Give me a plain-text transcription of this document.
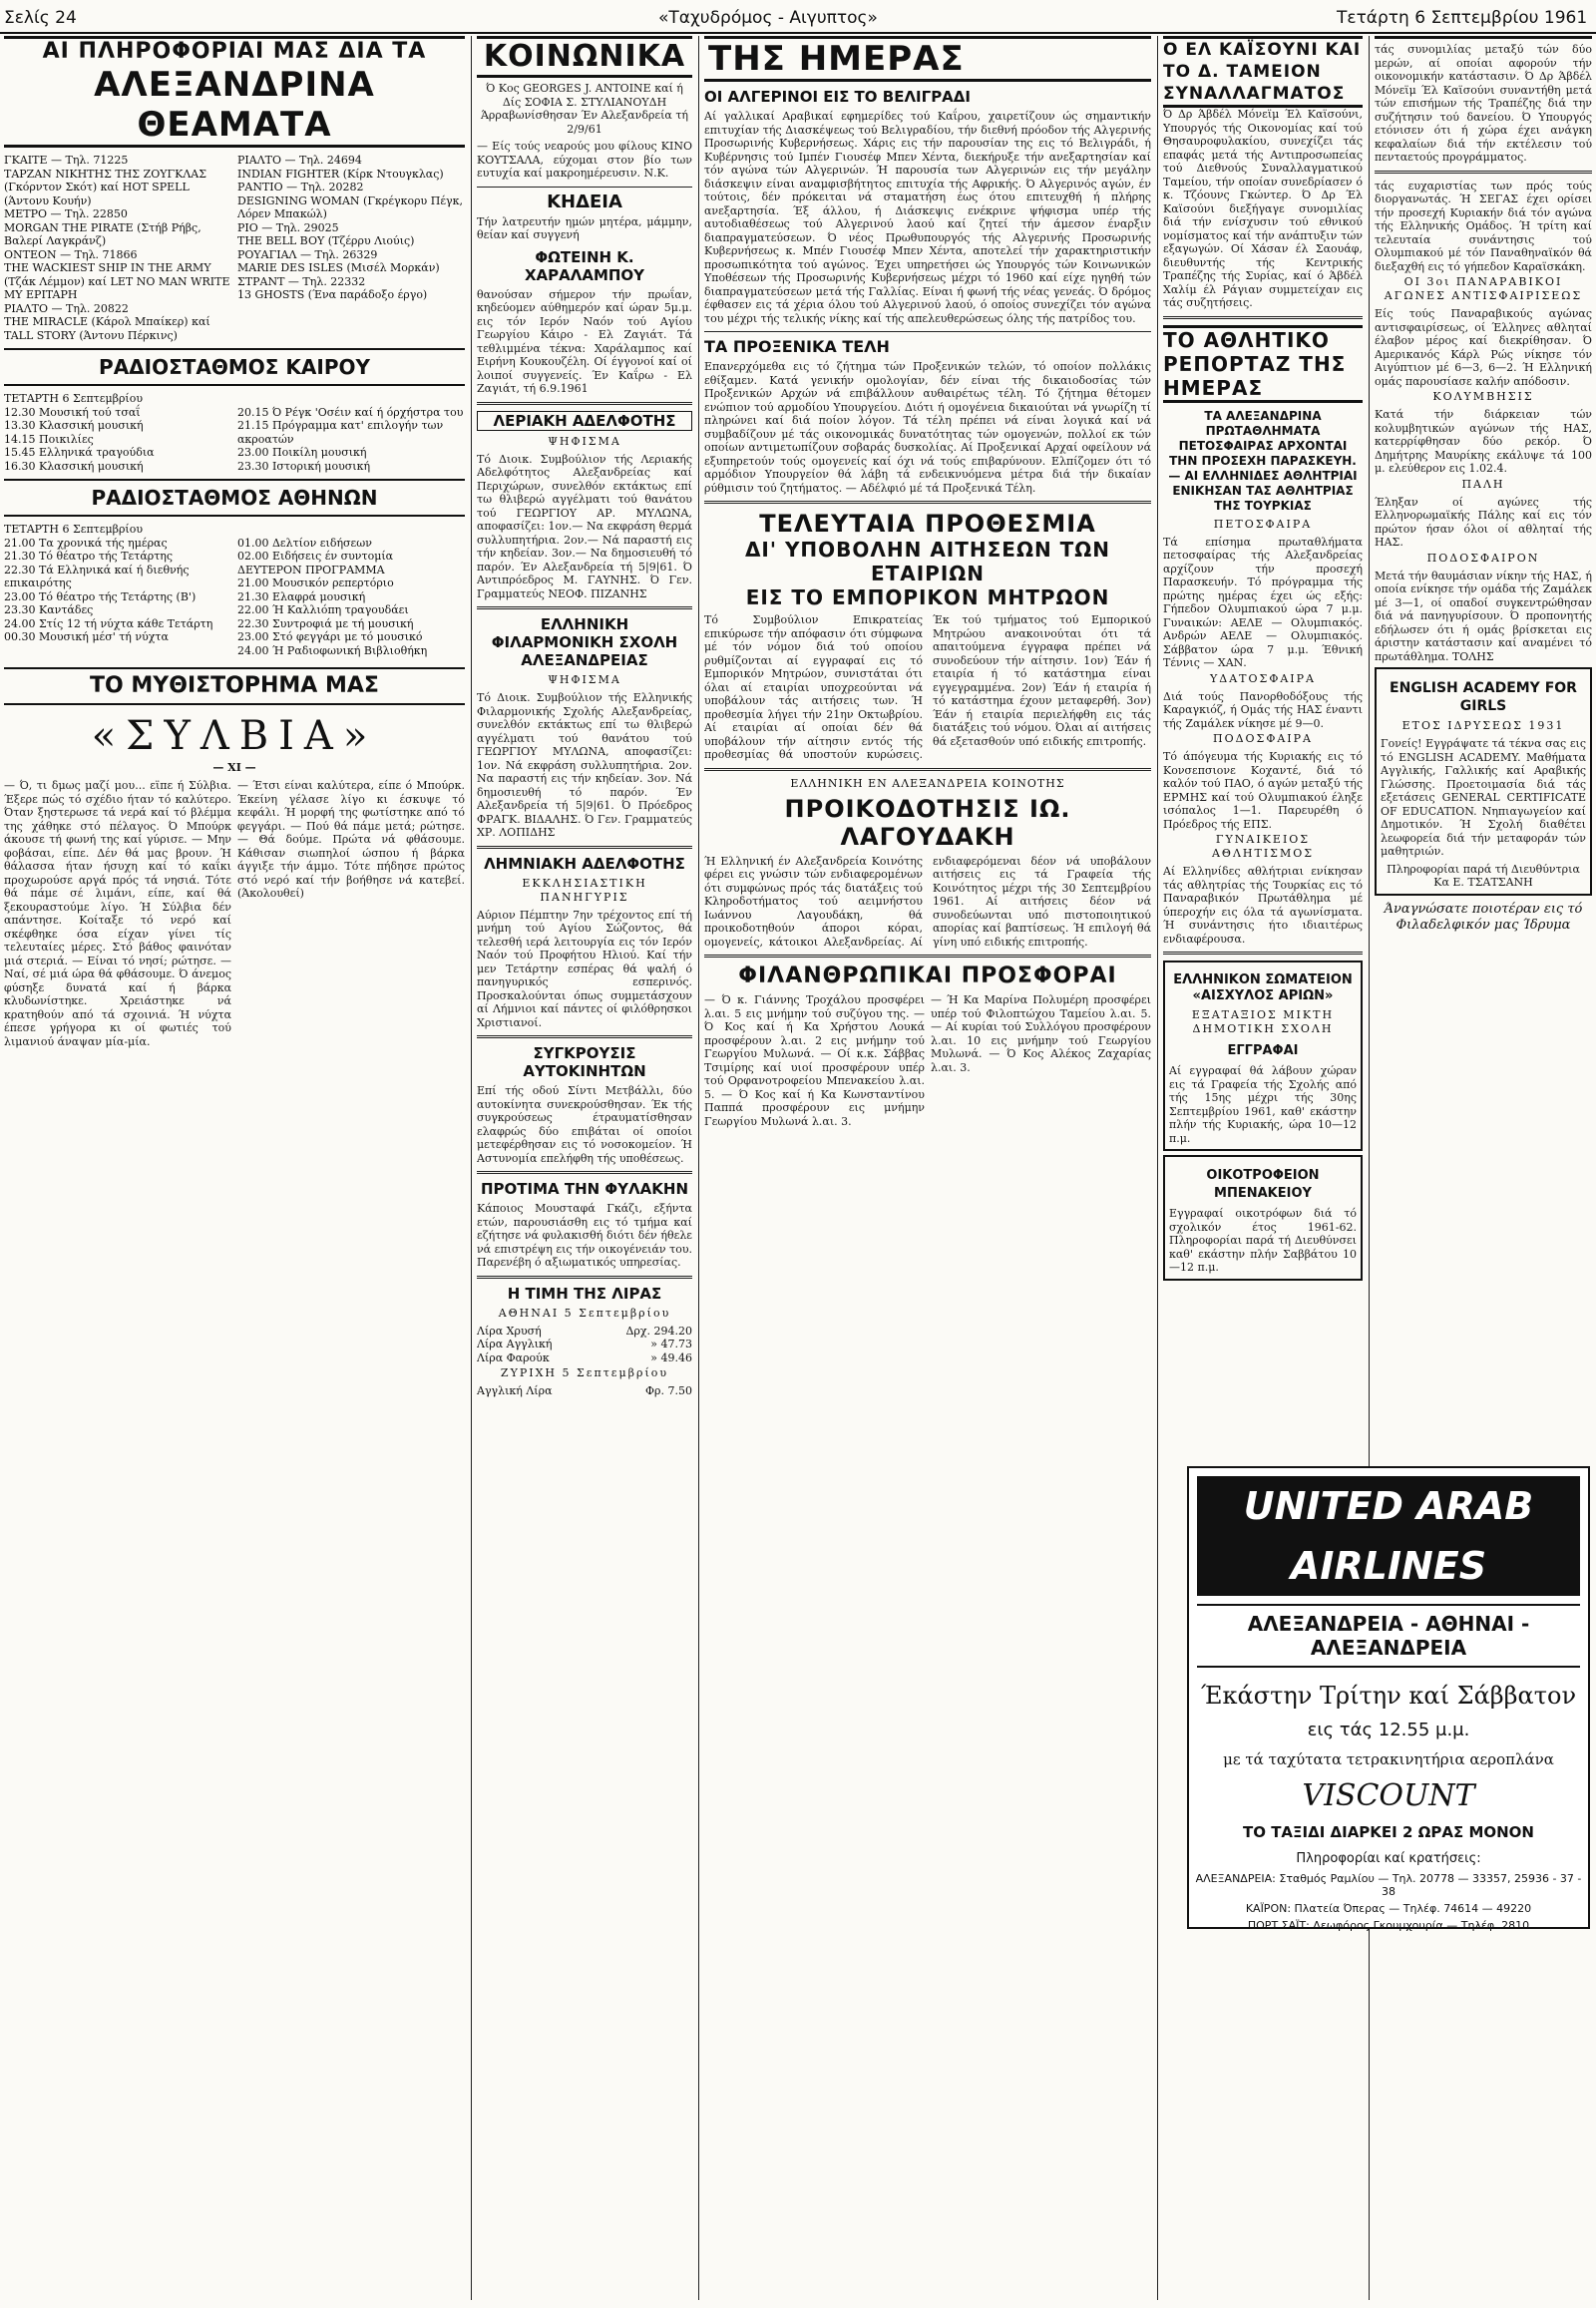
Σελίς 24	«Ταχυδρόμος - Αιγυπτος»	Τετάρτη 6 Σεπτεμβρίου 1961
ΑΙ ΠΛΗΡΟΦΟΡΙΑΙ ΜΑΣ ΔΙΑ ΤΑ
ΑΛΕΞΑΝΔΡΙΝΑ ΘΕΑΜΑΤΑ
ΓΚΑΙΤΕ — Τηλ. 71225
ΤΑΡΖΑΝ ΝΙΚΗΤΗΣ ΤΗΣ ΖΟΥΓΚΛΑΣ (Γκόρντον Σκότ) καί HOT SPELL (Άντονυ Κουήν)
ΜΕΤΡΟ — Τηλ. 22850
MORGAN THE PIRATE (Στήβ Ρήβς, Βαλερί Λαγκράνζ)
ΟΝΤΕΟΝ — Τηλ. 71866
THE WACKIEST SHIP IN THE ARMY (Τζάκ Λέμμον) καί LET NO MAN WRITE MY EPITAPH
ΡΙΑΛΤΟ — Τηλ. 20822
THE MIRACLE (Κάρολ Μπαίκερ) καί TALL STORY (Άντονυ Πέρκινς)
ΡΙΑΛΤΟ — Τηλ. 24694
INDIAN FIGHTER (Κίρκ Ντουγκλας)
ΡΑΝΤΙΟ — Τηλ. 20282
DESIGNING WOMAN (Γκρέγκορυ Πέγκ, Λόρεν Μπακώλ)
ΡΙΟ — Τηλ. 29025
THE BELL BOY (Τζέρρυ Λιούις)
ΡΟΥΑΓΙΑΛ — Τηλ. 26329
MARIE DES ISLES (Μισέλ Μορκάν)
ΣΤΡΑΝΤ — Τηλ. 22332
13 GHOSTS (Ένα παράδοξο έργο)
ΡΑΔΙΟΣΤΑΘΜΟΣ ΚΑΙΡΟΥ
ΤΕΤΑΡΤΗ 6 Σεπτεμβρίου
12.30 Μουσική τού τσαΐ
13.30 Κλασσική μουσική
14.15 Ποικιλίες
15.45 Ελληνικά τραγούδια
16.30 Κλασσική μουσική
20.15 Ό Ρέγκ 'Οσέιν καί ή όρχήστρα του
21.15 Πρόγραμμα κατ' επιλογήν των ακροατών
23.00 Ποικίλη μουσική
23.30 Ιστορική μουσική
ΡΑΔΙΟΣΤΑΘΜΟΣ ΑΘΗΝΩΝ
ΤΕΤΑΡΤΗ 6 Σεπτεμβρίου
21.00 Τα χρονικά τής ημέρας
21.30 Τό θέατρο τής Τετάρτης
22.30 Τά Ελληνικά καί ή διεθνής επικαιρότης
23.00 Τό θέατρο τής Τετάρτης (Β')
23.30 Καντάδες
24.00 Στίς 12 τή νύχτα κάθε Τετάρτη
00.30 Μουσική μέσ' τή νύχτα
01.00 Δελτίον ειδήσεων
02.00 Ειδήσεις έν συντομία
ΔΕΥΤΕΡΟΝ ΠΡΟΓΡΑΜΜΑ
21.00 Μουσικόν ρεπερτόριο
21.30 Ελαφρά μουσική
22.00 Ή Καλλιόπη τραγουδάει
22.30 Συντροφιά με τή μουσική
23.00 Στό φεγγάρι με τό μουσικό
24.00 Ή Ραδιοφωνική Βιβλιοθήκη
ΤΟ ΜΥΘΙΣΤΟΡΗΜΑ ΜΑΣ
«ΣΥΛΒΙΑ»
— ΧΙ —
— Ό, τι δμως μαζί μου... εϊπε ή Σύλβια. Έξερε πώς τό σχέδιο ήταν τό καλύτερο. Όταν ξηστερωσε τά νερά καί τό βλέμμα της χάθηκε στό πέλαγος. Ό Μπούρκ άκουσε τή φωνή της καί γύρισε. — Μην φοβάσαι, είπε. Δέν θά μας βρουν. Ή θάλασσα ήταν ήσυχη καί τό καΐκι προχωρούσε αργά πρός τά νησιά. Τότε θά πάμε σέ λιμάνι, είπε, καί θά ξεκουραστούμε λίγο. Ή Σύλβια δέν απάντησε. Κοίταξε τό νερό καί σκέφθηκε όσα είχαν γίνει τίς τελευταίες μέρες. Στό βάθος φαινόταν μιά στεριά. — Είναι τό νησί; ρώτησε. — Ναί, σέ μιά ώρα θά φθάσουμε. Ό άνεμος φύσηξε δυνατά καί ή βάρκα κλυδωνίστηκε. Χρειάστηκε νά κρατηθούν από τά σχοινιά. Ή νύχτα έπεσε γρήγορα κι οί φωτιές τού λιμανιού άναψαν μία-μία.
— Έτσι είναι καλύτερα, είπε ό Μπούρκ. Έκείνη γέλασε λίγο κι έσκυψε τό κεφάλι. Ή μορφή της φωτίστηκε από τό φεγγάρι. — Πού θά πάμε μετά; ρώτησε. — Θά δούμε. Πρώτα νά φθάσουμε. Κάθισαν σιωπηλοί ώσπου ή βάρκα άγγιξε τήν άμμο. Τότε πήδησε πρώτος στό νερό καί τήν βοήθησε νά κατεβεί. (Άκολουθεί)
ΚΟΙΝΩΝΙΚΑ
Ό Κος GEORGES J. ANTOINE καί ή Δίς ΣΟΦΙΑ Σ. ΣΤΥΛΙΑΝΟΥΔΗ Άρραβωνίσθησαν Έν Αλεξανδρεία τή 2/9/61
— Είς τούς νεαρούς μου φίλους ΚΙΝΟ ΚΟΥΤΣΑΛΑ, εύχομαι στον βίο των ευτυχία καί μακροημέρευσιν. Ν.Κ.
ΚΗΔΕΙΑ
Τήν λατρευτήν ημών μητέρα, μάμμην, θείαν καί συγγενή
ΦΩΤΕΙΝΗ Κ. ΧΑΡΑΛΑΜΠΟΥ
θανούσαν σήμερον τήν πρωΐαν, κηδεύομεν αύθημερόν καί ώραν 5μ.μ. εις τόν Ιερόν Ναόν τού Αγίου Γεωργίου Κάιρο - Ελ Ζαγιάτ. Τά τεθλιμμένα τέκνα: Χαράλαμπος καί Ειρήνη Κουκουζέλη. Οί έγγονοί καί οί λοιποί συγγενείς. Έν Καΐρω - Ελ Ζαγιάτ, τή 6.9.1961
ΛΕΡΙΑΚΗ ΑΔΕΛΦΟΤΗΣ
ΨΗΦΙΣΜΑ
Τό Διοικ. Συμβούλιον τής Λεριακής Αδελφότητος Αλεξανδρείας καί Περιχώρων, συνελθόν εκτάκτως επί τω θλιβερώ αγγέλματι τού θανάτου τού ΓΕΩΡΓΙΟΥ ΑΡ. ΜΥΛΩΝΑ, αποφασίζει: 1ον.— Να εκφράση θερμά συλλυπητήρια. 2ον.— Νά παραστή εις τήν κηδείαν. 3ον.— Να δημοσιευθή τό παρόν. Έν Αλεξανδρεία τή 5|9|61. Ό Αντιπρόεδρος Μ. ΓΑΥΝΗΣ. Ό Γεν. Γραμματεύς ΝΕΟΦ. ΠΙΖΑΝΗΣ
ΕΛΛΗΝΙΚΗ ΦΙΛΑΡΜΟΝΙΚΗ ΣΧΟΛΗ ΑΛΕΞΑΝΔΡΕΙΑΣ
ΨΗΦΙΣΜΑ
Τό Διοικ. Συμβούλιον τής Ελληνικής Φιλαρμονικής Σχολής Αλεξανδρείας, συνελθόν εκτάκτως επί τω θλιβερώ αγγέλματι τού θανάτου τού ΓΕΩΡΓΙΟΥ ΜΥΛΩΝΑ, αποφασίζει: 1ον. Νά εκφράση συλλυπητήρια. 2ον. Να παραστή εις τήν κηδείαν. 3ον. Νά δημοσιευθή τό παρόν. Έν Αλεξανδρεία τή 5|9|61. Ό Πρόεδρος ΦΡΑΓΚ. ΒΙΔΑΛΗΣ. Ό Γεν. Γραμματεύς ΧΡ. ΛΟΠΙΔΗΣ
ΛΗΜΝΙΑΚΗ ΑΔΕΛΦΟΤΗΣ
ΕΚΚΛΗΣΙΑΣΤΙΚΗ ΠΑΝΗΓΥΡΙΣ
Αύριον Πέμπτην 7ην τρέχοντος επί τή μνήμη τού Αγίου Σώζοντος, θά τελεσθή ιερά λειτουργία εις τόν Ιερόν Ναόν τού Προφήτου Ηλιού. Καί τήν μεν Τετάρτην εσπέρας θά ψαλή ό πανηγυρικός εσπερινός. Προσκαλούνται όπως συμμετάσχουν αί Λήμνιοι καί πάντες οί φιλόθρησκοι Χριστιανοί.
ΣΥΓΚΡΟΥΣΙΣ ΑΥΤΟΚΙΝΗΤΩΝ
Επί τής οδού Σίντι Μετβάλλι, δύο αυτοκίνητα συνεκρούσθησαν. Έκ τής συγκρούσεως έτραυματίσθησαν ελαφρώς δύο επιβάται οί οποίοι μετεφέρθησαν εις τό νοσοκομείον. Ή Αστυνομία επελήφθη τής υποθέσεως.
ΠΡΟΤΙΜΑ ΤΗΝ ΦΥΛΑΚΗΝ
Κάποιος Μουσταφά Γκάζι, εξήντα ετών, παρουσιάσθη εις τό τμήμα καί εζήτησε νά φυλακισθή διότι δέν ήθελε νά επιστρέψη εις τήν οικογένειάν του. Παρενέβη ό αξιωματικός υπηρεσίας.
Η ΤΙΜΗ ΤΗΣ ΛΙΡΑΣ
ΑΘΗΝΑΙ 5 Σεπτεμβρίου
Λίρα Χρυσή	Δρχ. 294.20
Λίρα Αγγλική	» 47.73
Λίρα Φαρούκ	» 49.46
ΖΥΡΙΧΗ 5 Σεπτεμβρίου
Αγγλική Λίρα	Φρ. 7.50
ΤΗΣ ΗΜΕΡΑΣ
ΟΙ ΑΛΓΕΡΙΝΟΙ ΕΙΣ ΤΟ ΒΕΛΙΓΡΑΔΙ
Αί γαλλικαί Αραβικαί εφημερίδες τού Καΐρου, χαιρετίζουν ώς σημαντικήν επιτυχίαν τής Διασκέψεως τού Βελιγραδίου, τήν διεθνή πρόοδον τής Αλγερινής Προσωρινής Κυβερνήσεως. Χάρις εις τήν παρουσίαν της εις τό Βελιγράδι, ή Κυβέρνησις τού Ιμπέν Γιουσέφ Μπεν Χέντα, διεκήρυξε τήν ανεξαρτησίαν καί τόν αγώνα τών Αλγερινών. Ή παρουσία των Αλγερινών εις τήν μεγάλην διάσκεψιν είναι αναμφισβήτητος επιτυχία τής Αφρικής. Ό Αλγερινός αγών, έν τούτοις, δέν πρόκειται νά σταματήση έως ότου επιτευχθή ή πλήρης ανεξαρτησία. Έξ άλλου, ή Διάσκεψις ενέκρινε ψήφισμα υπέρ τής αυτοδιαθέσεως τού Αλγερινού λαού καί ζητεί τήν άμεσον έναρξιν διαπραγματεύσεων. Ό νέος Πρωθυπουργός τής Αλγερινής Προσωρινής Κυβερνήσεως κ. Μπέν Γιουσέφ Μπεν Χέντα, αποτελεί τήν χαρακτηριστικήν προσωπικότητα τού αγώνος. Έχει υπηρετήσει ώς Υπουργός τών Κοινωνικών Υποθέσεων τής Προσωρινής Κυβερνήσεως μέχρι τό 1960 καί είχε ηγηθή τών διαπραγματεύσεων μετά τής Γαλλίας. Είναι ή φωνή τής νέας γενεάς. Ό δρόμος έφθασεν εις τά χέρια όλου τού Αλγερινού λαού, ό οποίος συνεχίζει τόν αγώνα του μέχρι τής τελικής νίκης καί τής απελευθερώσεως όλης τής πατρίδος του.
ΤΑ ΠΡΟΞΕΝΙΚΑ ΤΕΛΗ
Επανερχόμεθα εις τό ζήτημα τών Προξενικών τελών, τό οποίον πολλάκις εθίξαμεν. Κατά γενικήν ομολογίαν, δέν είναι τής δικαιοδοσίας τών Προξενικών Αρχών νά επιβάλλουν αυθαιρέτως τέλη. Τό ζήτημα θέτομεν ενώπιον τού αρμοδίου Υπουργείου. Διότι ή ομογένεια δικαιούται νά γνωρίζη τί πληρώνει καί διά ποίον λόγον. Τά τέλη πρέπει νά είναι λογικά καί νά συμβαδίζουν μέ τάς οικονομικάς δυνατότητας τών ομογενών, πολλοί εκ τών οποίων αντιμετωπίζουν σοβαράς δυσκολίας. Αί Προξενικαί Αρχαί οφείλουν νά εξυπηρετούν τούς ομογενείς καί όχι νά τούς επιβαρύνουν. Ελπίζομεν ότι τό αρμόδιον Υπουργείον θά λάβη τά ενδεικνυόμενα μέτρα διά τήν δικαίαν ρύθμισιν τού ζητήματος. — Αδέλφιό μέ τά Προξενικά Τέλη.
ΤΕΛΕΥΤΑΙΑ ΠΡΟΘΕΣΜΙΑ
ΔΙ' ΥΠΟΒΟΛΗΝ ΑΙΤΗΣΕΩΝ ΤΩΝ ΕΤΑΙΡΙΩΝ
ΕΙΣ ΤΟ ΕΜΠΟΡΙΚΟΝ ΜΗΤΡΩΟΝ
Τό Συμβούλιον Επικρατείας επικύρωσε τήν απόφασιν ότι σύμφωνα μέ τόν νόμον διά τού οποίου ρυθμίζονται αί εγγραφαί εις τό Εμπορικόν Μητρώον, συνιστάται ότι όλαι αί εταιρίαι υποχρεούνται νά υποβάλουν τάς αιτήσεις των. Ή προθεσμία λήγει τήν 21ην Οκτωβρίου. Αί εταιρίαι αί οποίαι δέν θά υποβάλουν τήν αίτησιν εντός τής προθεσμίας θά υποστούν κυρώσεις. Έκ τού τμήματος τού Εμπορικού Μητρώου ανακοινούται ότι τά απαιτούμενα έγγραφα πρέπει νά συνοδεύουν τήν αίτησιν. 1ον) Έάν ή εταιρία ή τό κατάστημα είναι εγγεγραμμένα. 2ον) Έάν ή εταιρία ή τό κατάστημα έχουν μεταφερθή. 3ον) Έάν ή εταιρία περιελήφθη εις τάς διατάξεις τού νόμου. Όλαι αί αιτήσεις θά εξετασθούν υπό ειδικής επιτροπής.
ΕΛΛΗΝΙΚΗ ΕΝ ΑΛΕΞΑΝΔΡΕΙΑ ΚΟΙΝΟΤΗΣ
ΠΡΟΙΚΟΔΟΤΗΣΙΣ ΙΩ. ΛΑΓΟΥΔΑΚΗ
Ή Ελληνική έν Αλεξανδρεία Κοινότης φέρει εις γνώσιν τών ενδιαφερομένων ότι συμφώνως πρός τάς διατάξεις τού Κληροδοτήματος τού αειμνήστου Ιωάννου Λαγουδάκη, θά προικοδοτηθούν άποροι κόραι, ομογενείς, κάτοικοι Αλεξανδρείας. Αί ενδιαφερόμεναι δέον νά υποβάλουν αιτήσεις εις τά Γραφεία τής Κοινότητος μέχρι τής 30 Σεπτεμβρίου 1961. Αί αιτήσεις δέον νά συνοδεύωνται υπό πιστοποιητικού απορίας καί βαπτίσεως. Ή επιλογή θά γίνη υπό ειδικής επιτροπής.
ΦΙΛΑΝΘΡΩΠΙΚΑΙ ΠΡΟΣΦΟΡΑΙ
— Ό κ. Γιάννης Τροχάλου προσφέρει λ.αι. 5 εις μνήμην τού συζύγου της. — Ό Κος καί ή Κα Χρήστου Λουκά προσφέρουν λ.αι. 2 εις μνήμην τού Γεωργίου Μυλωνά. — Οί κ.κ. Σάββας Τσιμίρης καί υιοί προσφέρουν υπέρ τού Ορφανοτροφείου Μπενακείου λ.αι. 5. — Ό Κος καί ή Κα Κωνσταντίνου Παππά προσφέρουν εις μνήμην Γεωργίου Μυλωνά λ.αι. 3.
— Ή Κα Μαρίνα Πολυμέρη προσφέρει υπέρ τού Φιλοπτώχου Ταμείου λ.αι. 5. — Αί κυρίαι τού Συλλόγου προσφέρουν λ.αι. 10 εις μνήμην τού Γεωργίου Μυλωνά. — Ό Κος Αλέκος Ζαχαρίας λ.αι. 3.
Ο ΕΛ ΚΑΪΣΟΥΝΙ ΚΑΙ ΤΟ Δ. ΤΑΜΕΙΟΝ ΣΥΝΑΛΛΑΓΜΑΤΟΣ
Ό Δρ Άβδέλ Μόνεϊμ Έλ Καϊσούνι, Υπουργός τής Οικονομίας καί τού Θησαυροφυλακίου, συνεχίζει τάς επαφάς μετά τής Αντιπροσωπείας τού Διεθνούς Συναλλαγματικού Ταμείου, τήν οποίαν συνεδρίασεν ό κ. Τζόουνς Γκώντερ. Ό Δρ Έλ Καϊσούνι διεξήγαγε συνομιλίας διά τήν ενίσχυσιν τού εθνικού νομίσματος καί τήν ανάπτυξιν τών εξαγωγών. Οί Χάσαν έλ Σαουάφ, διευθυντής τής Κεντρικής Τραπέζης τής Συρίας, καί ό Άβδέλ Χαλίμ έλ Ράγιαν συμμετείχαν εις τάς συζητήσεις.
ΤΟ ΑΘΛΗΤΙΚΟ ΡΕΠΟΡΤΑΖ ΤΗΣ ΗΜΕΡΑΣ
ΤΑ ΑΛΕΞΑΝΔΡΙΝΑ ΠΡΩΤΑΘΛΗΜΑΤΑ ΠΕΤΟΣΦΑΙΡΑΣ ΑΡΧΟΝΤΑΙ ΤΗΝ ΠΡΟΣΕΧΗ ΠΑΡΑΣΚΕΥΗ. — ΑΙ ΕΛΛΗΝΙΔΕΣ ΑΘΛΗΤΡΙΑΙ ΕΝΙΚΗΣΑΝ ΤΑΣ ΑΘΛΗΤΡΙΑΣ ΤΗΣ ΤΟΥΡΚΙΑΣ
ΠΕΤΟΣΦΑΙΡΑ
Τά επίσημα πρωταθλήματα πετοσφαίρας τής Αλεξανδρείας αρχίζουν τήν προσεχή Παρασκευήν. Τό πρόγραμμα τής πρώτης ημέρας έχει ώς εξής: Γήπεδον Ολυμπιακού ώρα 7 μ.μ. Γυναικών: ΑΕΛΕ — Ολυμπιακός. Ανδρών ΑΕΛΕ — Ολυμπιακός. Σάββατον ώρα 7 μ.μ. Έθνική Τέννις — ΧΑΝ.
ΥΔΑΤΟΣΦΑΙΡΑ
Διά τούς Πανορθοδόξους τής Καραγκιόζ, ή Ομάς τής ΗΑΣ έναντι τής Ζαμάλεκ νίκησε μέ 9—0.
ΠΟΔΟΣΦΑΙΡΑ
Τό άπόγευμα τής Κυριακής εις τό Κονσεπσιονε Κοχαντέ, διά τό καλόν τού ΠΑΟ, ό αγών μεταξύ τής ΕΡΜΗΣ καί τού Ολυμπιακού έληξε ισόπαλος 1—1. Παρευρέθη ό Πρόεδρος τής ΕΠΣ.
ΓΥΝΑΙΚΕΙΟΣ ΑΘΛΗΤΙΣΜΟΣ
Αί Ελληνίδες αθλήτριαι ενίκησαν τάς αθλητρίας τής Τουρκίας εις τό Παναραβικόν Πρωτάθλημα μέ ύπεροχήν εις όλα τά αγωνίσματα. Ή συνάντησις ήτο ιδιαιτέρως ενδιαφέρουσα.
ΕΛΛΗΝΙΚΟΝ ΣΩΜΑΤΕΙΟΝ «ΑΙΣΧΥΛΟΣ ΑΡΙΩΝ»
ΕΞΑΤΑΞΙΟΣ ΜΙΚΤΗ ΔΗΜΟΤΙΚΗ ΣΧΟΛΗ
ΕΓΓΡΑΦΑΙ
Αί εγγραφαί θά λάβουν χώραν εις τά Γραφεία τής Σχολής από τής 15ης μέχρι τής 30ης Σεπτεμβρίου 1961, καθ' εκάστην πλήν τής Κυριακής, ώρα 10—12 π.μ.
ΟΙΚΟΤΡΟΦΕΙΟΝ ΜΠΕΝΑΚΕΙΟΥ
Εγγραφαί οικοτρόφων διά τό σχολικόν έτος 1961-62. Πληροφορίαι παρά τή Διευθύνσει καθ' εκάστην πλήν Σαββάτου 10—12 π.μ.
τάς συνομιλίας μεταξύ τών δύο μερών, αί οποίαι αφορούν τήν οικονομικήν κατάστασιν. Ό Δρ Άβδέλ Μόνεϊμ Έλ Καϊσούνι συναντήθη μετά τών επισήμων τής Τραπέζης διά την συζήτησιν τού δανείου. Ό Υπουργός ετόνισεν ότι ή χώρα έχει ανάγκη κεφαλαίων διά τήν εκτέλεσιν τού πενταετούς προγράμματος.
τάς ευχαριστίας των πρός τούς διοργανωτάς. Ή ΣΕΓΑΣ έχει ορίσει τήν προσεχή Κυριακήν διά τόν αγώνα τής Ελληνικής Ομάδος. Ή τρίτη καί τελευταία συνάντησις τού Ολυμπιακού μέ τόν Παναθηναϊκόν θά διεξαχθή εις τό γήπεδον Καραϊσκάκη.
ΟΙ 3οι ΠΑΝΑΡΑΒΙΚΟΙ ΑΓΩΝΕΣ ΑΝΤΙΣΦΑΙΡΙΣΕΩΣ
Είς τούς Παναραβικούς αγώνας αντισφαιρίσεως, οί Έλληνες αθληταί έλαβον μέρος καί διεκρίθησαν. Ό Αμερικανός Κάρλ Ρώς νίκησε τόν Αιγύπτιον μέ 6—3, 6—2. Ή Ελληνική ομάς παρουσίασε καλήν απόδοσιν.
ΚΟΛΥΜΒΗΣΙΣ
Κατά τήν διάρκειαν τών κολυμβητικών αγώνων τής ΗΑΣ, κατερρίφθησαν δύο ρεκόρ. Ό Δημήτρης Μαυρίκης εκάλυψε τά 100 μ. ελεύθερον εις 1.02.4.
ΠΑΛΗ
Έληξαν οί αγώνες τής Ελληνορωμαϊκής Πάλης καί εις τόν πρώτον ήσαν όλοι οί αθληταί τής ΗΑΣ.
ΠΟΔΟΣΦΑΙΡΟΝ
Μετά τήν θαυμάσιαν νίκην τής ΗΑΣ, ή οποία ενίκησε τήν ομάδα τής Ζαμάλεκ μέ 3—1, οί οπαδοί συγκεντρώθησαν διά νά πανηγυρίσουν. Ό προπονητής εδήλωσεν ότι ή ομάς βρίσκεται εις άριστην κατάστασιν καί αναμένει τό πρωτάθλημα. ΤΟΛΗΣ
ENGLISH ACADEMY FOR GIRLS
ΕΤΟΣ ΙΔΡΥΣΕΩΣ 1931
Γονείς! Εγγράψατε τά τέκνα σας εις τό ENGLISH ACADEMY. Μαθήματα Αγγλικής, Γαλλικής καί Αραβικής Γλώσσης. Προετοιμασία διά τάς εξετάσεις GENERAL CERTIFICATE OF EDUCATION. Νηπιαγωγείον καί Δημοτικόν. Ή Σχολή διαθέτει λεωφορεία διά τήν μεταφοράν τών μαθητριών.
Πληροφορίαι παρά τή Διευθύντρια Κα Ε. ΤΣΑΤΣΑΝΗ
Άναγνώσατε ποιοτέραν εις τό Φιλαδελφικόν μας Ίδρυμα
UNITED ARAB AIRLINES
ΑΛΕΞΑΝΔΡΕΙΑ - ΑΘΗΝΑΙ - ΑΛΕΞΑΝΔΡΕΙΑ
Έκάστην Τρίτην καί Σάββατον
εις τάς 12.55 μ.μ.
με τά ταχύτατα τετρακινητήρια αεροπλάνα
VISCOUNT
ΤΟ ΤΑΞΙΔΙ ΔΙΑΡΚΕΙ 2 ΩΡΑΣ ΜΟΝΟΝ
Πληροφορίαι καί κρατήσεις:
ΑΛΕΞΑΝΔΡΕΙΑ: Σταθμός Ραμλίου — Τηλ. 20778 — 33357, 25936 - 37 - 38
ΚΑΪΡΟΝ: Πλατεία Όπερας — Τηλέφ. 74614 — 49220
ΠΟΡΤ ΣΑΪΤ: Λεωφόρος Γκουμχουρία — Τηλέφ. 2810
